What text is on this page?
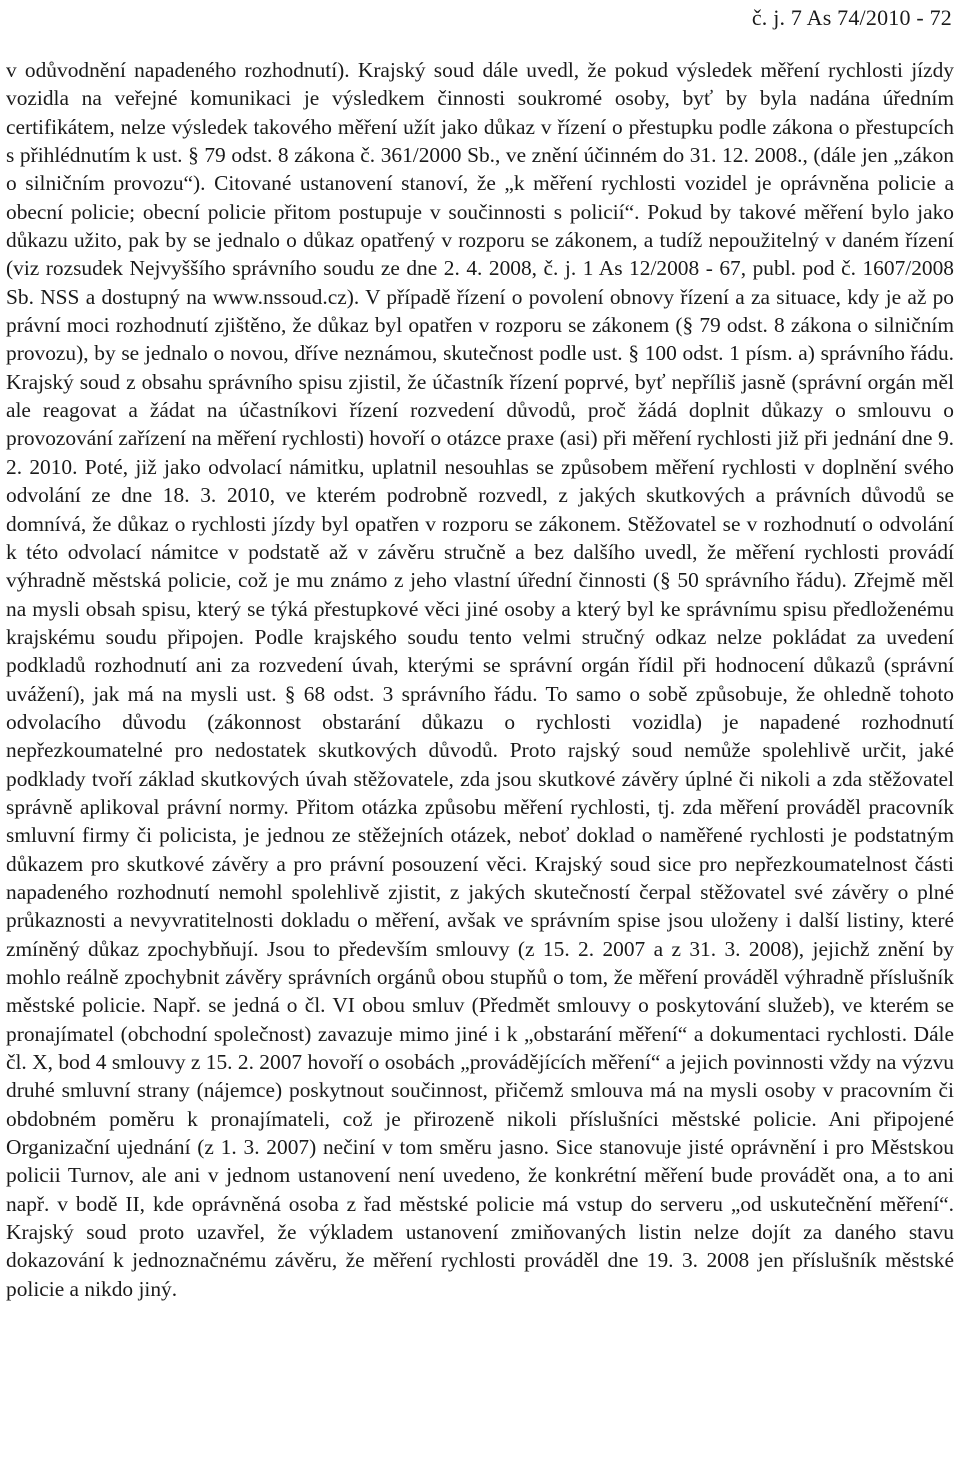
č. j. 7 As 74/2010 - 72

v odůvodnění napadeného rozhodnutí). Krajský soud dále uvedl, že pokud výsledek měření rychlosti jízdy vozidla na veřejné komunikaci je výsledkem činnosti soukromé osoby, byť by byla nadána úředním certifikátem, nelze výsledek takového měření užít jako důkaz v řízení o přestupku podle zákona o přestupcích s přihlédnutím k ust. § 79 odst. 8 zákona č. 361/2000 Sb., ve znění účinném do 31. 12. 2008., (dále jen „zákon o silničním provozu“). Citované ustanovení stanoví, že „k měření rychlosti vozidel je oprávněna policie a obecní policie; obecní policie přitom postupuje v součinnosti s policií“. Pokud by takové měření bylo jako důkazu užito, pak by se jednalo o důkaz opatřený v rozporu se zákonem, a tudíž nepoužitelný v daném řízení (viz rozsudek Nejvyššího správního soudu ze dne 2. 4. 2008, č. j. 1 As 12/2008 - 67, publ. pod č. 1607/2008 Sb. NSS a dostupný na www.nssoud.cz). V případě řízení o povolení obnovy řízení a za situace, kdy je až po právní moci rozhodnutí zjištěno, že důkaz byl opatřen v rozporu se zákonem (§ 79 odst. 8 zákona o silničním provozu), by se jednalo o novou, dříve neznámou, skutečnost podle ust. § 100 odst. 1 písm. a) správního řádu. Krajský soud z obsahu správního spisu zjistil, že účastník řízení poprvé, byť nepříliš jasně (správní orgán měl ale reagovat a žádat na účastníkovi řízení rozvedení důvodů, proč žádá doplnit důkazy o smlouvu o provozování zařízení na měření rychlosti) hovoří o otázce praxe (asi) při měření rychlosti již při jednání dne 9. 2. 2010. Poté, již jako odvolací námitku, uplatnil nesouhlas se způsobem měření rychlosti v doplnění svého odvolání ze dne 18. 3. 2010, ve kterém podrobně rozvedl, z jakých skutkových a právních důvodů se domnívá, že důkaz o rychlosti jízdy byl opatřen v rozporu se zákonem. Stěžovatel se v rozhodnutí o odvolání k této odvolací námitce v podstatě až v závěru stručně a bez dalšího uvedl, že měření rychlosti provádí výhradně městská policie, což je mu známo z jeho vlastní úřední činnosti (§ 50 správního řádu). Zřejmě měl na mysli obsah spisu, který se týká přestupkové věci jiné osoby a který byl ke správnímu spisu předloženému krajskému soudu připojen. Podle krajského soudu tento velmi stručný odkaz nelze pokládat za uvedení podkladů rozhodnutí ani za rozvedení úvah, kterými se správní orgán řídil při hodnocení důkazů (správní uvážení), jak má na mysli ust. § 68 odst. 3 správního řádu. To samo o sobě způsobuje, že ohledně tohoto odvolacího důvodu (zákonnost obstarání důkazu o rychlosti vozidla) je napadené rozhodnutí nepřezkoumatelné pro nedostatek skutkových důvodů. Proto rajský soud nemůže spolehlivě určit, jaké podklady tvoří základ skutkových úvah stěžovatele, zda jsou skutkové závěry úplné či nikoli a zda stěžovatel správně aplikoval právní normy. Přitom otázka způsobu měření rychlosti, tj. zda měření prováděl pracovník smluvní firmy či policista, je jednou ze stěžejních otázek, neboť doklad o naměřené rychlosti je podstatným důkazem pro skutkové závěry a pro právní posouzení věci. Krajský soud sice pro nepřezkoumatelnost části napadeného rozhodnutí nemohl spolehlivě zjistit, z jakých skutečností čerpal stěžovatel své závěry o plné průkaznosti a nevyvratitelnosti dokladu o měření, avšak ve správním spise jsou uloženy i další listiny, které zmíněný důkaz zpochybňují. Jsou to především smlouvy (z 15. 2. 2007 a z 31. 3. 2008), jejichž znění by mohlo reálně zpochybnit závěry správních orgánů obou stupňů o tom, že měření prováděl výhradně příslušník městské policie. Např. se jedná o čl. VI obou smluv (Předmět smlouvy o poskytování služeb), ve kterém se pronajímatel (obchodní společnost) zavazuje mimo jiné i k „obstarání měření“ a dokumentaci rychlosti. Dále čl. X, bod 4 smlouvy z 15. 2. 2007 hovoří o osobách „provádějících měření“ a jejich povinnosti vždy na výzvu druhé smluvní strany (nájemce) poskytnout součinnost, přičemž smlouva má na mysli osoby v pracovním či obdobném poměru k pronajímateli, což je přirozeně nikoli příslušníci městské policie. Ani připojené Organizační ujednání (z 1. 3. 2007) nečiní v tom směru jasno. Sice stanovuje jisté oprávnění i pro Městskou policii Turnov, ale ani v jednom ustanovení není uvedeno, že konkrétní měření bude provádět ona, a to ani např. v bodě II, kde oprávněná osoba z řad městské policie má vstup do serveru „od uskutečnění měření“. Krajský soud proto uzavřel, že výkladem ustanovení zmiňovaných listin nelze dojít za daného stavu dokazování k jednoznačnému závěru, že měření rychlosti prováděl dne 19. 3. 2008 jen příslušník městské policie a nikdo jiný.
